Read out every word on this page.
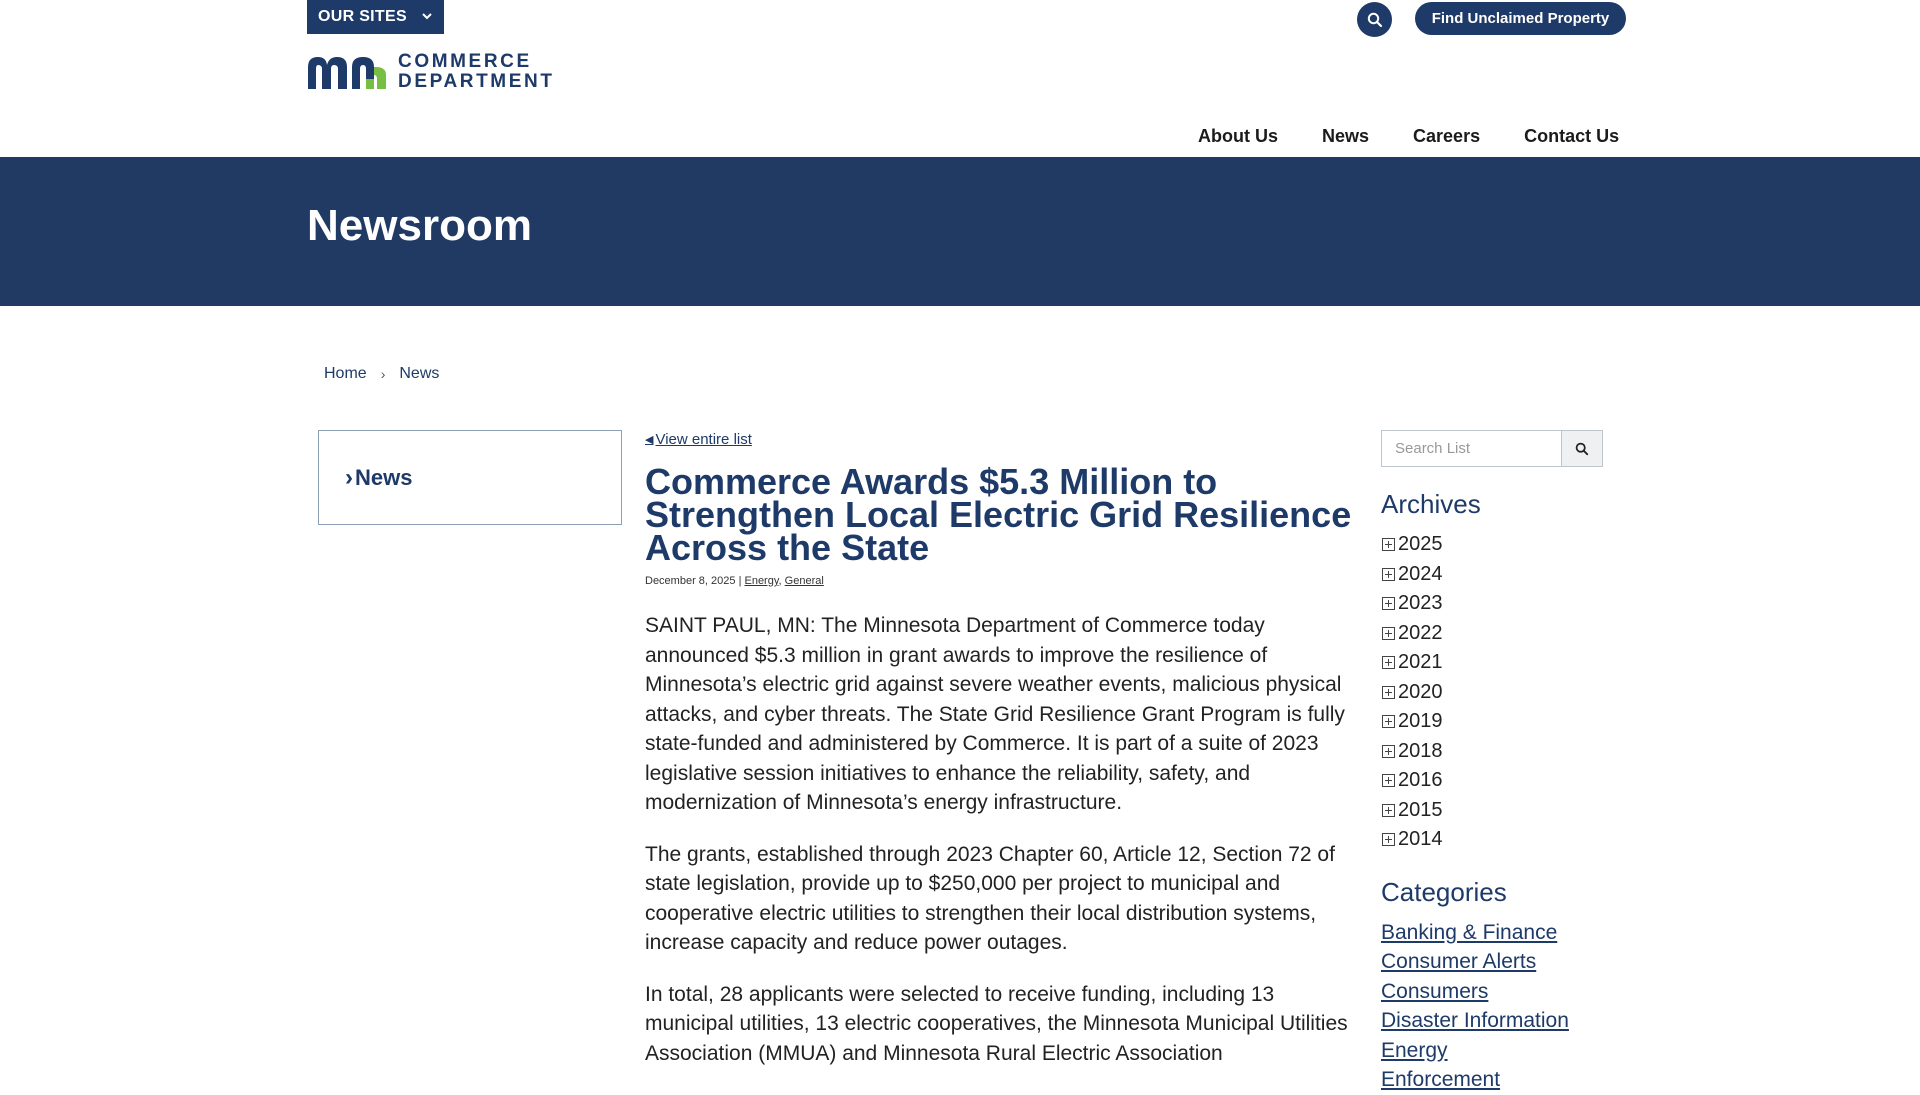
OUR SITES
COMMERCE
DEPARTMENT
Find Unclaimed Property
About Us News Careers Contact Us
Newsroom
Home › News
› News
◀ View entire list
Commerce Awards $5.3 Million to Strengthen Local Electric Grid Resilience Across the State
December 8, 2025 | Energy, General

SAINT PAUL, MN: The Minnesota Department of Commerce today announced $5.3 million in grant awards to improve the resilience of Minnesota’s electric grid against severe weather events, malicious physical attacks, and cyber threats. The State Grid Resilience Grant Program is fully state-funded and administered by Commerce. It is part of a suite of 2023 legislative session initiatives to enhance the reliability, safety, and modernization of Minnesota’s energy infrastructure.

The grants, established through 2023 Chapter 60, Article 12, Section 72 of state legislation, provide up to $250,000 per project to municipal and cooperative electric utilities to strengthen their local distribution systems, increase capacity and reduce power outages.

In total, 28 applicants were selected to receive funding, including 13 municipal utilities, 13 electric cooperatives, the Minnesota Municipal Utilities Association (MMUA) and Minnesota Rural Electric Association

Search List
Archives
2025
2024
2023
2022
2021
2020
2019
2018
2016
2015
2014
Categories
Banking & Finance
Consumer Alerts
Consumers
Disaster Information
Energy
Enforcement
